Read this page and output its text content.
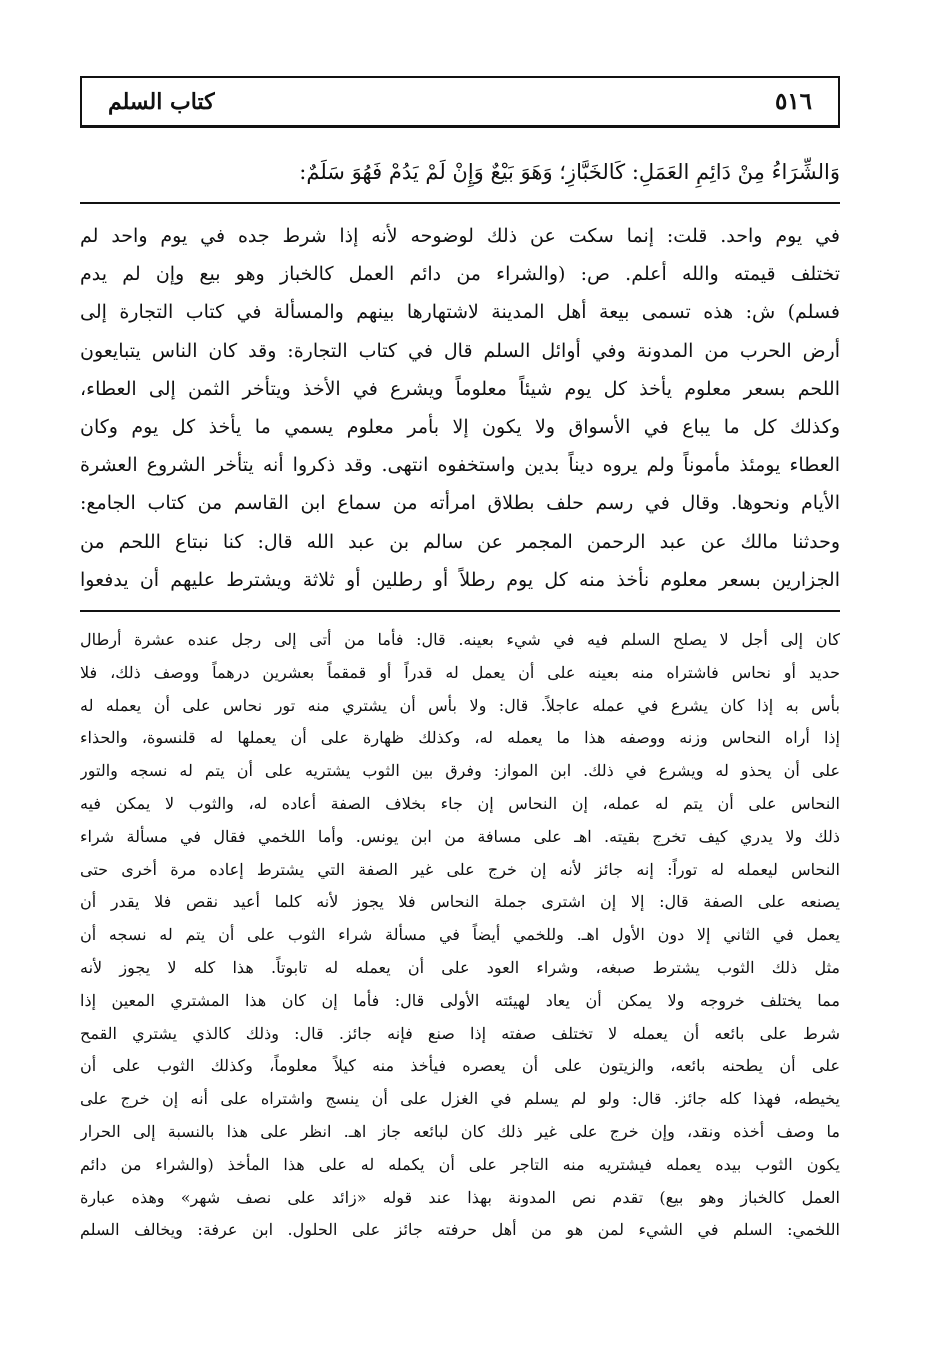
كتاب السلم	٥١٦
وَالشِّرَاءُ مِنْ دَائِمِ العَمَلِ: كَالخَبَّازِ؛ وَهَوَ بَيْعٌ وَإِنْ لَمْ يَدُمْ فَهُوَ سَلَمٌ:
في يوم واحد. قلت: إنما سكت عن ذلك لوضوحه لأنه إذا شرط جده في يوم واحد لم
تختلف قيمته والله أعلم. ص: (والشراء من دائم العمل كالخباز وهو بيع وإن لم يدم
فسلم) ش: هذه تسمى بيعة أهل المدينة لاشتهارها بينهم والمسألة في كتاب التجارة إلى
أرض الحرب من المدونة وفي أوائل السلم قال في كتاب التجارة: وقد كان الناس يتبايعون
اللحم بسعر معلوم يأخذ كل يوم شيئاً معلوماً ويشرع في الأخذ ويتأخر الثمن إلى العطاء،
وكذلك كل ما يباع في الأسواق ولا يكون إلا بأمر معلوم يسمي ما يأخذ كل يوم وكان
العطاء يومئذ مأموناً ولم يروه ديناً بدين واستخفوه انتهى. وقد ذكروا أنه يتأخر الشروع العشرة
الأيام ونحوها. وقال في رسم حلف بطلاق امرأته من سماع ابن القاسم من كتاب الجامع:
وحدثنا مالك عن عبد الرحمن المجمر عن سالم بن عبد الله قال: كنا نبتاع اللحم من
الجزارين بسعر معلوم نأخذ منه كل يوم رطلاً أو رطلين أو ثلاثة ويشترط عليهم أن يدفعوا
كان إلى أجل لا يصلح السلم فيه في شيء بعينه. قال: فأما من أتى إلى رجل عنده عشرة أرطال
حديد أو نحاس فاشتراه منه بعينه على أن يعمل له قدراً أو قمقماً بعشرين درهماً ووصف ذلك، فلا
بأس به إذا كان يشرع في عمله عاجلاً. قال: ولا بأس أن يشتري منه تور نحاس على أن يعمله له
إذا أراه النحاس وزنه ووصفه هذا ما يعمله له، وكذلك ظهارة على أن يعملها له قلنسوة، والحذاء
على أن يحذو له ويشرع في ذلك. ابن المواز: وفرق بين الثوب يشتريه على أن يتم له نسجه والتور
النحاس على أن يتم له عمله، إن النحاس إن جاء بخلاف الصفة أعاده له، والثوب لا يمكن فيه
ذلك ولا يدري كيف تخرج بقيته. اهـ على مسافة من ابن يونس. وأما اللخمي فقال في مسألة شراء
النحاس ليعمله له توراً: إنه جائز لأنه إن خرج على غير الصفة التي يشترط إعاده مرة أخرى حتى
يصنعه على الصفة قال: إلا إن اشترى جملة النحاس فلا يجوز لأنه كلما أعيد نقص فلا يقدر أن
يعمل في الثاني إلا دون الأول اهـ. وللخمي أيضاً في مسألة شراء الثوب على أن يتم له نسجه أن
مثل ذلك الثوب يشترط صبغه، وشراء العود على أن يعمله له تابوتاً. هذا كله لا يجوز لأنه
مما يختلف خروجه ولا يمكن أن يعاد لهيئته الأولى قال: فأما إن كان هذا المشتري المعين إذا
شرط على بائعه أن يعمله لا تختلف صفته إذا صنع فإنه جائز. قال: وذلك كالذي يشتري القمح
على أن يطحنه بائعه، والزيتون على أن يعصره فيأخذ منه كيلاً معلوماً، وكذلك الثوب على أن
يخيطه، فهذا كله جائز. قال: ولو لم يسلم في الغزل على أن ينسج واشتراه على أنه إن خرج على
ما وصف أخذه ونقد، وإن خرج على غير ذلك كان لبائعه جاز اهـ. انظر على هذا بالنسبة إلى الحرار
يكون الثوب بيده يعمله فيشتريه منه التاجر على أن يكمله له على هذا المأخذ (والشراء من دائم
العمل كالخباز وهو بيع) تقدم نص المدونة بهذا عند قوله «زائد على نصف شهر» وهذه عبارة
اللخمي: السلم في الشيء لمن هو من أهل حرفته جائز على الحلول. ابن عرفة: ويخالف السلم
